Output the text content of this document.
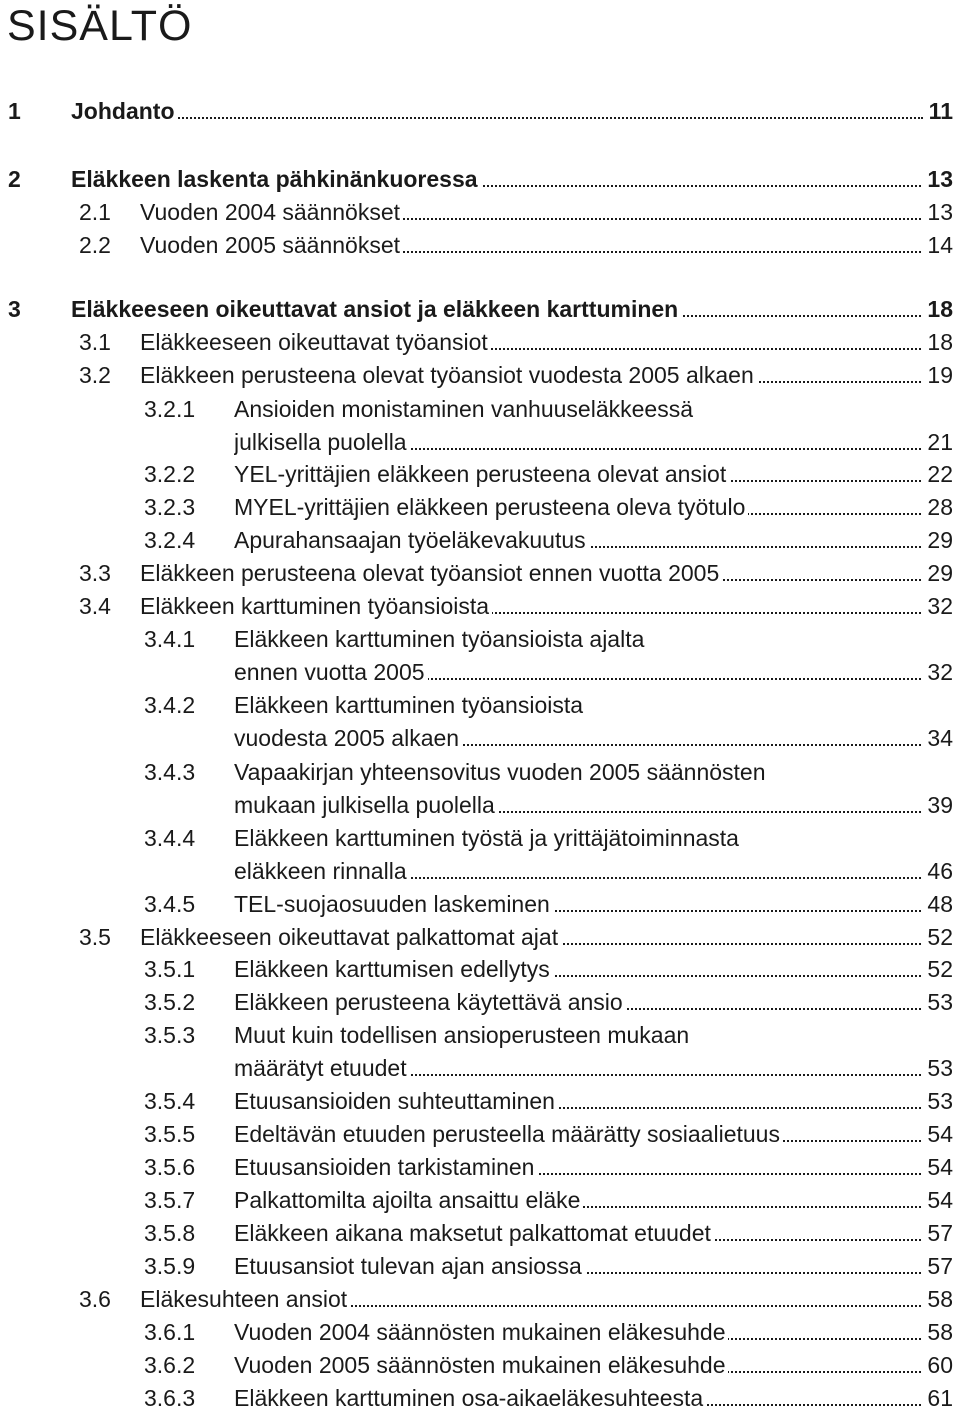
SISÄLTÖ
1 Johdanto	11
2 Eläkkeen laskenta pähkinänkuoressa	13
2.1 Vuoden 2004 säännökset	13
2.2 Vuoden 2005 säännökset	14
3 Eläkkeeseen oikeuttavat ansiot ja eläkkeen karttuminen	18
3.1 Eläkkeeseen oikeuttavat työansiot	18
3.2 Eläkkeen perusteena olevat työansiot vuodesta 2005 alkaen	19
3.2.1 Ansioiden monistaminen vanhuuseläkkeessä
julkisella puolella	21
3.2.2 YEL-yrittäjien eläkkeen perusteena olevat ansiot	22
3.2.3 MYEL-yrittäjien eläkkeen perusteena oleva työtulo	28
3.2.4 Apurahansaajan työeläkevakuutus	29
3.3 Eläkkeen perusteena olevat työansiot ennen vuotta 2005	29
3.4 Eläkkeen karttuminen työansioista	32
3.4.1 Eläkkeen karttuminen työansioista ajalta
ennen vuotta 2005	32
3.4.2 Eläkkeen karttuminen työansioista
vuodesta 2005 alkaen	34
3.4.3 Vapaakirjan yhteensovitus vuoden 2005 säännösten
mukaan julkisella puolella	39
3.4.4 Eläkkeen karttuminen työstä ja yrittäjätoiminnasta
eläkkeen rinnalla	46
3.4.5 TEL-suojaosuuden laskeminen	48
3.5 Eläkkeeseen oikeuttavat palkattomat ajat	52
3.5.1 Eläkkeen karttumisen edellytys	52
3.5.2 Eläkkeen perusteena käytettävä ansio	53
3.5.3 Muut kuin todellisen ansioperusteen mukaan
määrätyt etuudet	53
3.5.4 Etuusansioiden suhteuttaminen	53
3.5.5 Edeltävän etuuden perusteella määrätty sosiaalietuus	54
3.5.6 Etuusansioiden tarkistaminen	54
3.5.7 Palkattomilta ajoilta ansaittu eläke	54
3.5.8 Eläkkeen aikana maksetut palkattomat etuudet	57
3.5.9 Etuusansiot tulevan ajan ansiossa	57
3.6 Eläkesuhteen ansiot	58
3.6.1 Vuoden 2004 säännösten mukainen eläkesuhde	58
3.6.2 Vuoden 2005 säännösten mukainen eläkesuhde	60
3.6.3 Eläkkeen karttuminen osa-aikaeläkesuhteesta	61
